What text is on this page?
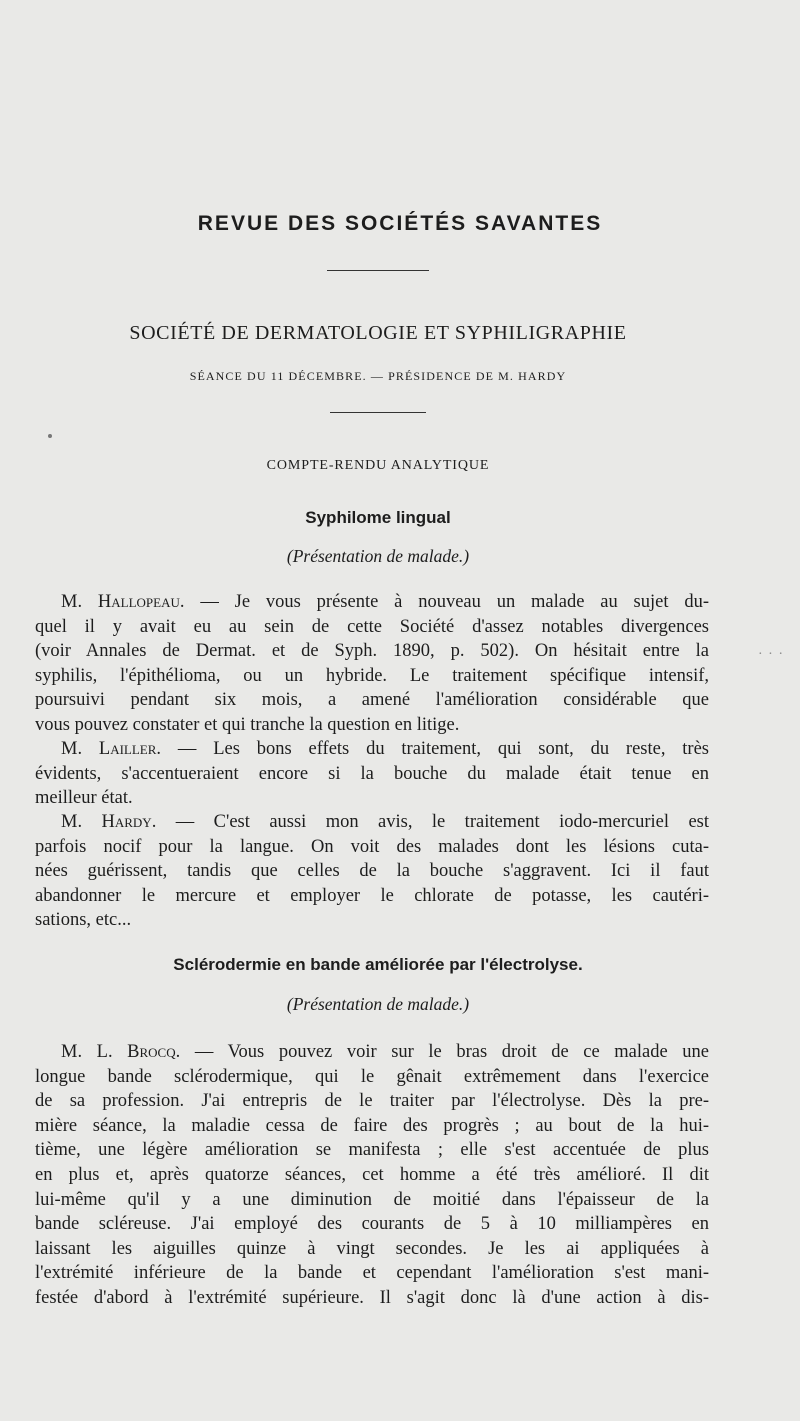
REVUE DES SOCIÉTÉS SAVANTES
SOCIÉTÉ DE DERMATOLOGIE ET SYPHILIGRAPHIE
SÉANCE DU 11 DÉCEMBRE. — PRÉSIDENCE DE M. HARDY
COMPTE-RENDU ANALYTIQUE
Syphilome lingual
(Présentation de malade.)
M. Hallopeau. — Je vous présente à nouveau un malade au sujet du-
quel il y avait eu au sein de cette Société d'assez notables divergences
(voir Annales de Dermat. et de Syph. 1890, p. 502). On hésitait entre la
syphilis, l'épithélioma, ou un hybride. Le traitement spécifique intensif,
poursuivi pendant six mois, a amené l'amélioration considérable que
vous pouvez constater et qui tranche la question en litige.
M. Lailler. — Les bons effets du traitement, qui sont, du reste, très
évidents, s'accentueraient encore si la bouche du malade était tenue en
meilleur état.
M. Hardy. — C'est aussi mon avis, le traitement iodo-mercuriel est
parfois nocif pour la langue. On voit des malades dont les lésions cuta-
nées guérissent, tandis que celles de la bouche s'aggravent. Ici il faut
abandonner le mercure et employer le chlorate de potasse, les cautéri-
sations, etc...
Sclérodermie en bande améliorée par l'électrolyse.
(Présentation de malade.)
M. L. Brocq. — Vous pouvez voir sur le bras droit de ce malade une
longue bande sclérodermique, qui le gênait extrêmement dans l'exercice
de sa profession. J'ai entrepris de le traiter par l'électrolyse. Dès la pre-
mière séance, la maladie cessa de faire des progrès ; au bout de la hui-
tième, une légère amélioration se manifesta ; elle s'est accentuée de plus
en plus et, après quatorze séances, cet homme a été très amélioré. Il dit
lui-même qu'il y a une diminution de moitié dans l'épaisseur de la
bande scléreuse. J'ai employé des courants de 5 à 10 milliampères en
laissant les aiguilles quinze à vingt secondes. Je les ai appliquées à
l'extrémité inférieure de la bande et cependant l'amélioration s'est mani-
festée d'abord à l'extrémité supérieure. Il s'agit donc là d'une action à dis-
· · ·
